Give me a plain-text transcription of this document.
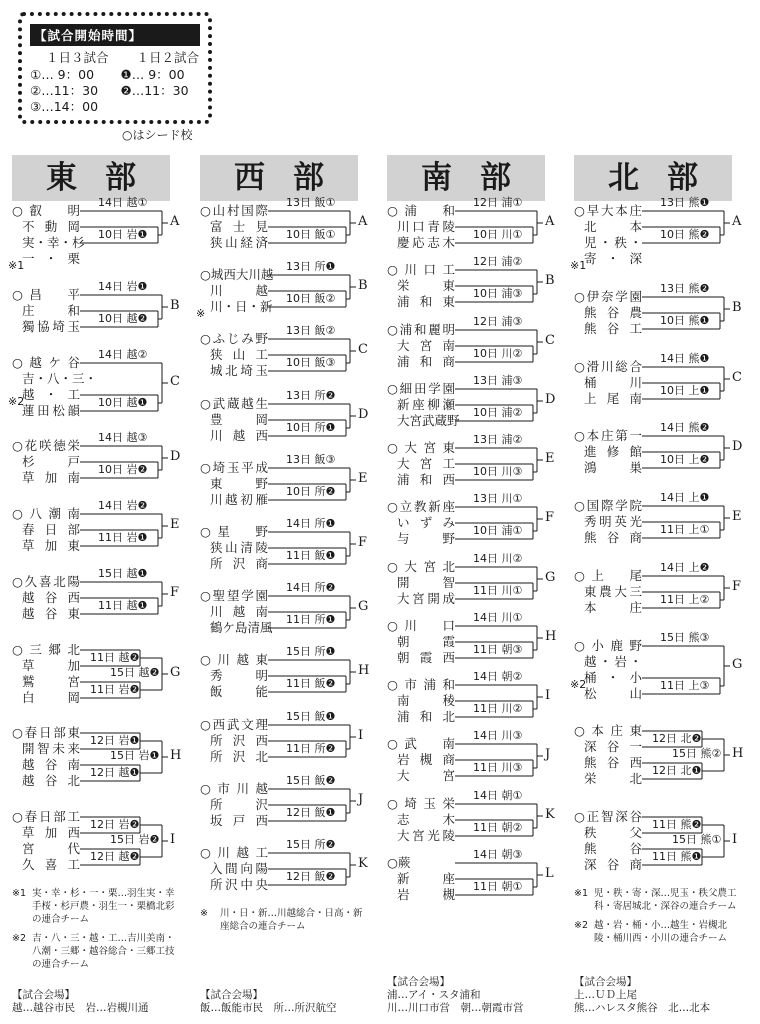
【試合開始時間】
１日３試合
①… 9：00
②…11：30
③…14：00
１日２試合
❶… 9：00
❷…11：30
○はシード校
東部
○叡　明
不動岡
実・幸・杉
一・栗
※1
10日 岩❶
14日 越①
A
○昌　平
庄　和
獨協埼玉
10日 越❷
14日 岩❶
B
○越ケ谷
吉・八・三・
越・工
※2
蓮田松韻
10日 越❶
14日 越②
C
○花咲徳栄
杉　戸
草加南
10日 岩❷
14日 越③
D
○八潮南
春日部
草加東
11日 岩❶
14日 岩❷
E
○久喜北陽
越谷西
越谷東
11日 越❶
15日 越❶
F
○三郷北
草　加
鷲　宮
白　岡
11日 越❷
11日 岩❷
15日 越❷ G
○春日部東
開智未来
越谷南
越谷北
12日 岩❶
12日 越❶
15日 岩❶ H
○春日部工
草加西
宮　代
久喜工
12日 岩❷
12日 越❷
15日 岩❷ I
※1 実・幸・杉・一・栗…羽生実・幸手桜・杉戸農・羽生一・栗橋北彩の連合チーム
※2 吉・八・三・越・工…吉川美南・八潮・三郷・越谷総合・三郷工技の連合チーム
【試合会場】
越…越谷市民　岩…岩槻川通
西部
○山村国際
富士見
狭山経済
10日 飯①
13日 飯①
A
○城西大川越
川　越
川・日・新
※
10日 飯②
13日 所❶
B
○ふじみ野
狭山工
城北埼玉
10日 飯③
13日 飯②
C
○武蔵越生
豊　岡
川越西
10日 所❶
13日 所❷
D
○埼玉平成
東　野
川越初雁
10日 所❷
13日 飯③
E
○星　野
狭山清陵
所沢商
11日 飯❶
14日 所❶
F
○聖望学園
川越南
鶴ケ島清風
11日 所❶
14日 所❷
G
○川越東
秀　明
飯　能
11日 飯❷
15日 所❶
H
○西武文理
所沢西
所沢北
11日 所❷
15日 飯❶
I
○市川越
所　沢
坂戸西
12日 飯❶
15日 飯❷
J
○川越工
入間向陽
所沢中央
12日 飯❷
15日 所❷
K
※	川・日・新…川越総合・日高・新座総合の連合チーム
【試合会場】
飯…飯能市民　所…所沢航空
南部
○浦　和
川口青陵
慶応志木
10日 川①
12日 浦①
A
○川口工
栄　東
浦和東
10日 浦③
12日 浦②
B
○浦和麗明
大宮南
浦和商
10日 川②
12日 浦③
C
○細田学園
新座柳瀬
大宮武蔵野
10日 浦②
13日 浦③
D
○大宮東
大宮工
浦和西
10日 川③
13日 浦②
E
○立教新座
いずみ
与　野
10日 浦①
13日 川①
F
○大宮北
開　智
大宮開成
11日 川①
14日 川②
G
○川　口
朝　霞
朝霞西
11日 朝③
14日 川①
H
○市浦和
南　稜
浦和北
11日 川②
14日 朝②
I
○武　南
岩槻商
大　宮
11日 川③
14日 川③
J
○埼玉栄
志　木
大宮光陵
11日 朝②
14日 朝①
K
○蕨
新　座
岩　槻
11日 朝①
14日 朝③
L
【試合会場】
浦…アイ・スタ浦和
川…川口市営　朝…朝霞市営
北部
○早大本庄
北　本
児・秩・
寄・深
※1
10日 熊❷
13日 熊❶
A
○伊奈学園
熊谷農
熊谷工
10日 熊❶
13日 熊❷
B
○滑川総合
桶　川
上尾南
10日 上❶
14日 熊❶
C
○本庄第一
進修館
鴻　巣
10日 上❷
14日 熊❷
D
○国際学院
秀明英光
熊谷商
11日 上①
14日 上❶
E
○上　尾
東農大三
本　庄
11日 上②
14日 上❷
F
○小鹿野
越・岩・
桶・小
※2
松　山
11日 上③
15日 熊③
G
○本庄東
深谷一
熊谷西
栄　北
12日 北❷
12日 北❶
15日 熊② H
○正智深谷
秩　父
熊　谷
深谷商
11日 熊❷
11日 熊❶
15日 熊① I
※1 児・秩・寄・深…児玉・秩父農工科・寄居城北・深谷の連合チーム
※2 越・岩・桶・小…越生・岩槻北陵・桶川西・小川の連合チーム
【試合会場】
上…ＵＤ上尾
熊…ハレスタ熊谷　北…北本
